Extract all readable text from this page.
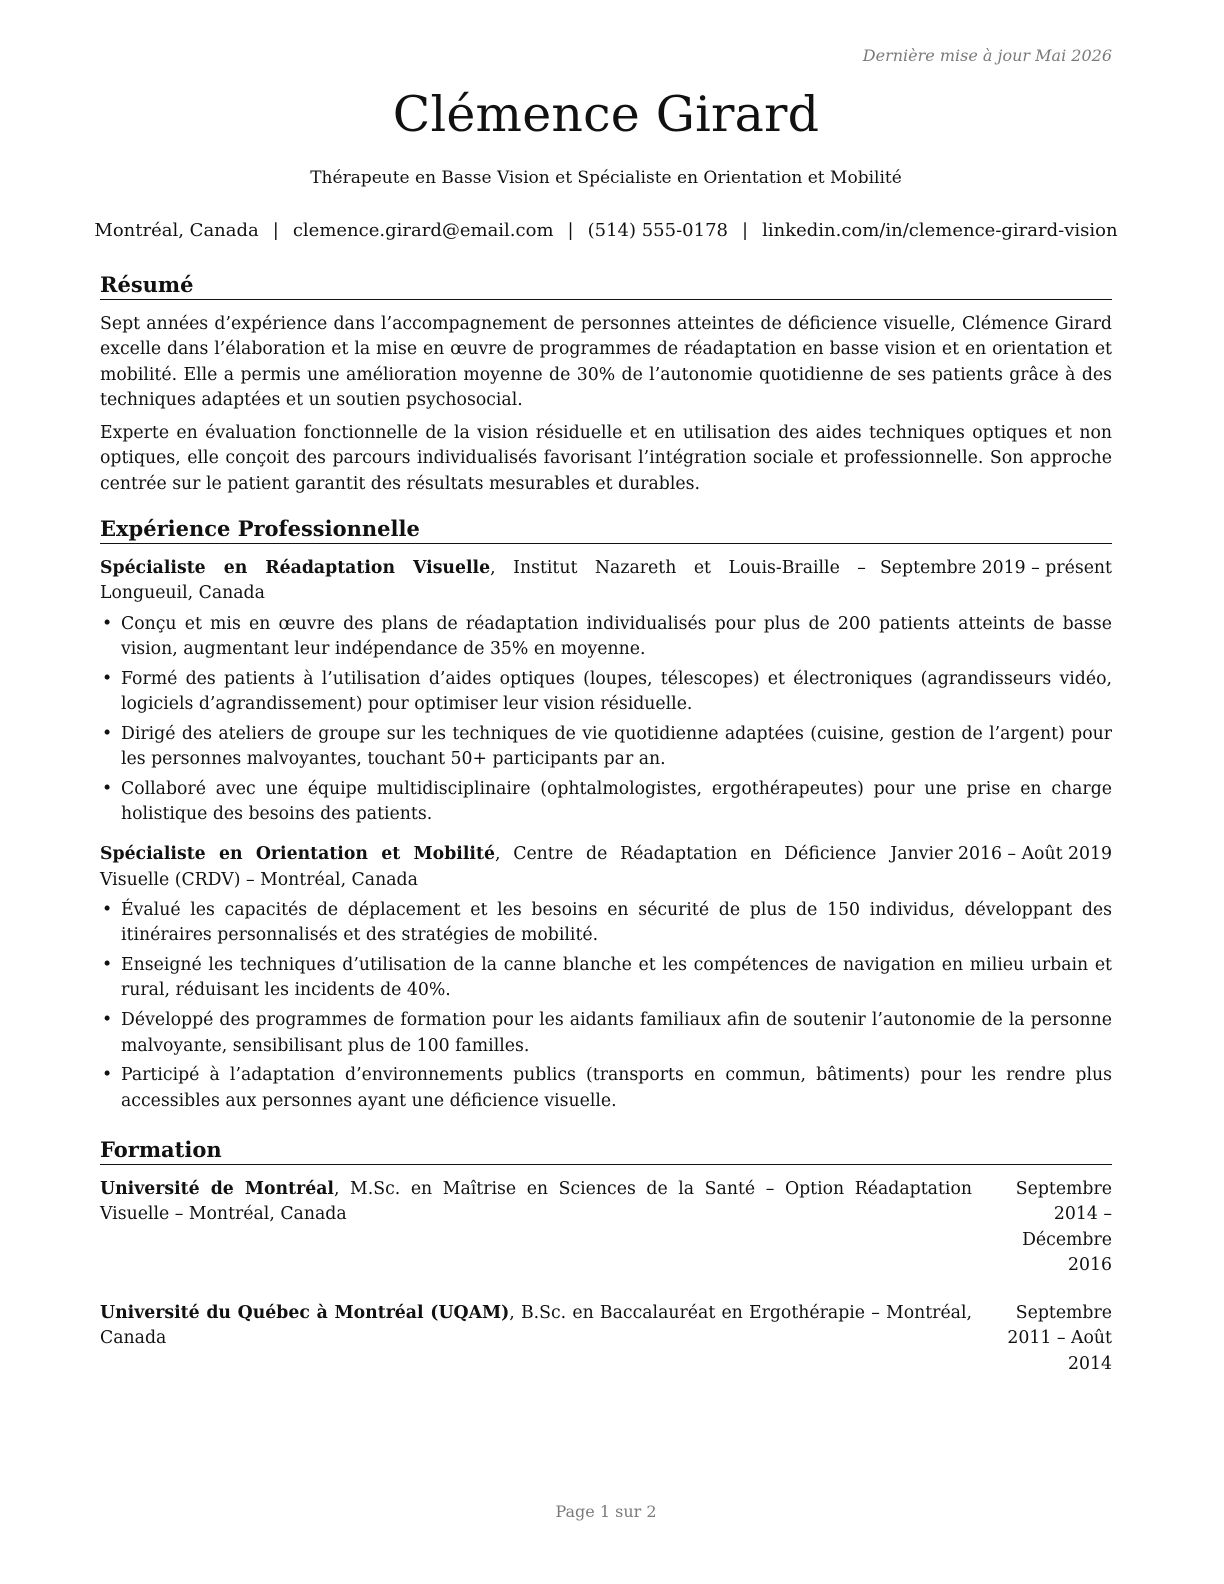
Dernière mise à jour Mai 2026
Clémence Girard
Thérapeute en Basse Vision et Spécialiste en Orientation et Mobilité
Montréal, Canada | clemence.girard@email.com | (514) 555-0178 | linkedin.com/in/clemence-girard-vision
Résumé

Sept années d’expérience dans l’accompagnement de personnes atteintes de déficience visuelle, Clémence Girard excelle dans l’élaboration et la mise en œuvre de programmes de réadaptation en basse vision et en orientation et mobilité. Elle a permis une amélioration moyenne de 30% de l’autonomie quotidienne de ses patients grâce à des techniques adaptées et un soutien psychosocial.

Experte en évaluation fonctionnelle de la vision résiduelle et en utilisation des aides techniques optiques et non optiques, elle conçoit des parcours individualisés favorisant l’intégration sociale et professionnelle. Son approche centrée sur le patient garantit des résultats mesurables et durables.

Expérience Professionnelle
Spécialiste en Réadaptation Visuelle, Institut Nazareth et Louis-Braille – Longueuil, Canada
Septembre 2019 – présent
• Conçu et mis en œuvre des plans de réadaptation individualisés pour plus de 200 patients atteints de basse vision, augmentant leur indépendance de 35% en moyenne.
• Formé des patients à l’utilisation d’aides optiques (loupes, télescopes) et électroniques (agrandisseurs vidéo, logiciels d’agrandissement) pour optimiser leur vision résiduelle.
• Dirigé des ateliers de groupe sur les techniques de vie quotidienne adaptées (cuisine, gestion de l’argent) pour les personnes malvoyantes, touchant 50+ participants par an.
• Collaboré avec une équipe multidisciplinaire (ophtalmologistes, ergothérapeutes) pour une prise en charge holistique des besoins des patients.
Spécialiste en Orientation et Mobilité, Centre de Réadaptation en Déficience Visuelle (CRDV) – Montréal, Canada
Janvier 2016 – Août 2019
• Évalué les capacités de déplacement et les besoins en sécurité de plus de 150 individus, développant des itinéraires personnalisés et des stratégies de mobilité.
• Enseigné les techniques d’utilisation de la canne blanche et les compétences de navigation en milieu urbain et rural, réduisant les incidents de 40%.
• Développé des programmes de formation pour les aidants familiaux afin de soutenir l’autonomie de la personne malvoyante, sensibilisant plus de 100 familles.
• Participé à l’adaptation d’environnements publics (transports en commun, bâtiments) pour les rendre plus accessibles aux personnes ayant une déficience visuelle.
Formation
Université de Montréal, M.Sc. en Maîtrise en Sciences de la Santé – Option Réadaptation Visuelle – Montréal, Canada
Septembre 2014 – Décembre 2016
Université du Québec à Montréal (UQAM), B.Sc. en Baccalauréat en Ergothérapie – Montréal, Canada
Septembre 2011 – Août 2014
Page 1 sur 2
